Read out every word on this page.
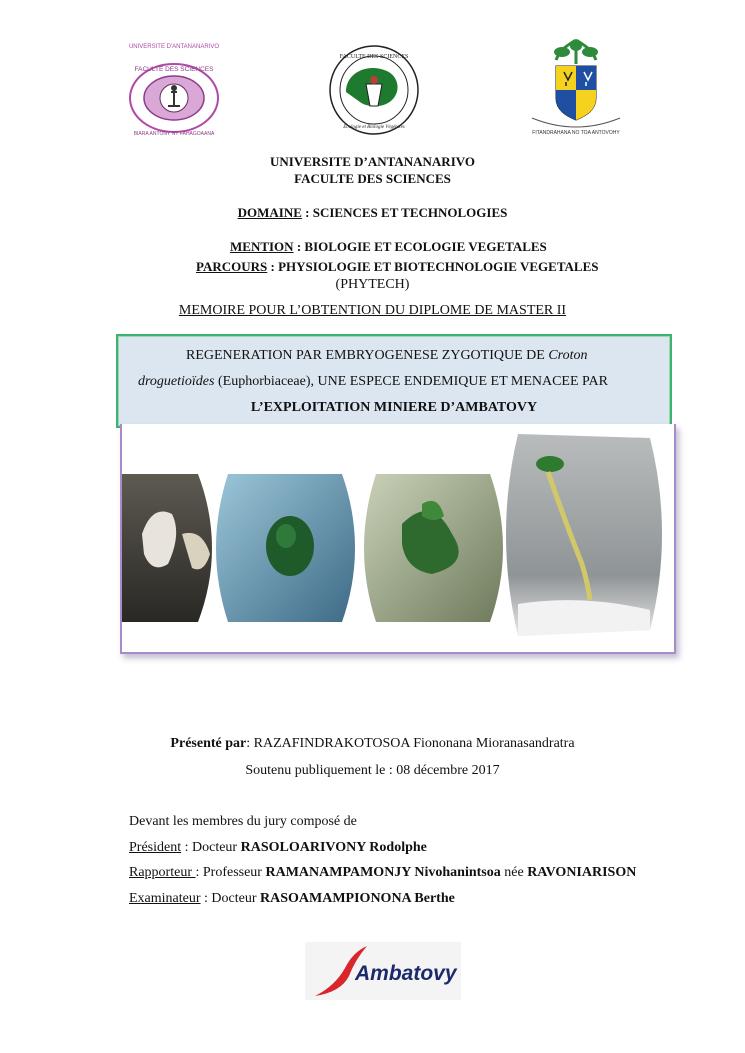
UNIVERSITE D'ANTANANARIVO
FACULTE DES SCIENCES
BIARA ANTONY NY FAHAGOAANA
FACULTE DES SCIENCES
Ecologie et Biologie Végétales
FITANDRAHANA NO TOA ANTOVOHY
UNIVERSITE D’ANTANANARIVO
FACULTE DES SCIENCES
DOMAINE : SCIENCES ET TECHNOLOGIES
MENTION : BIOLOGIE ET ECOLOGIE VEGETALES
PARCOURS : PHYSIOLOGIE ET BIOTECHNOLOGIE VEGETALES
(PHYTECH)
MEMOIRE POUR L’OBTENTION DU DIPLOME DE MASTER II
REGENERATION PAR EMBRYOGENESE ZYGOTIQUE DE Croton
droguetioïdes (Euphorbiaceae), UNE ESPECE ENDEMIQUE ET MENACEE PAR
L’EXPLOITATION MINIERE D’AMBATOVY
Présenté par: RAZAFINDRAKOTOSOA Fiononana Mioranasandratra
Soutenu publiquement le : 08 décembre 2017
Devant les membres du jury composé de
Président : Docteur RASOLOARIVONY Rodolphe
Rapporteur : Professeur RAMANAMPAMONJY Nivohanintsoa née RAVONIARISON
Examinateur : Docteur RASOAMAMPIONONA Berthe
Ambatovy
